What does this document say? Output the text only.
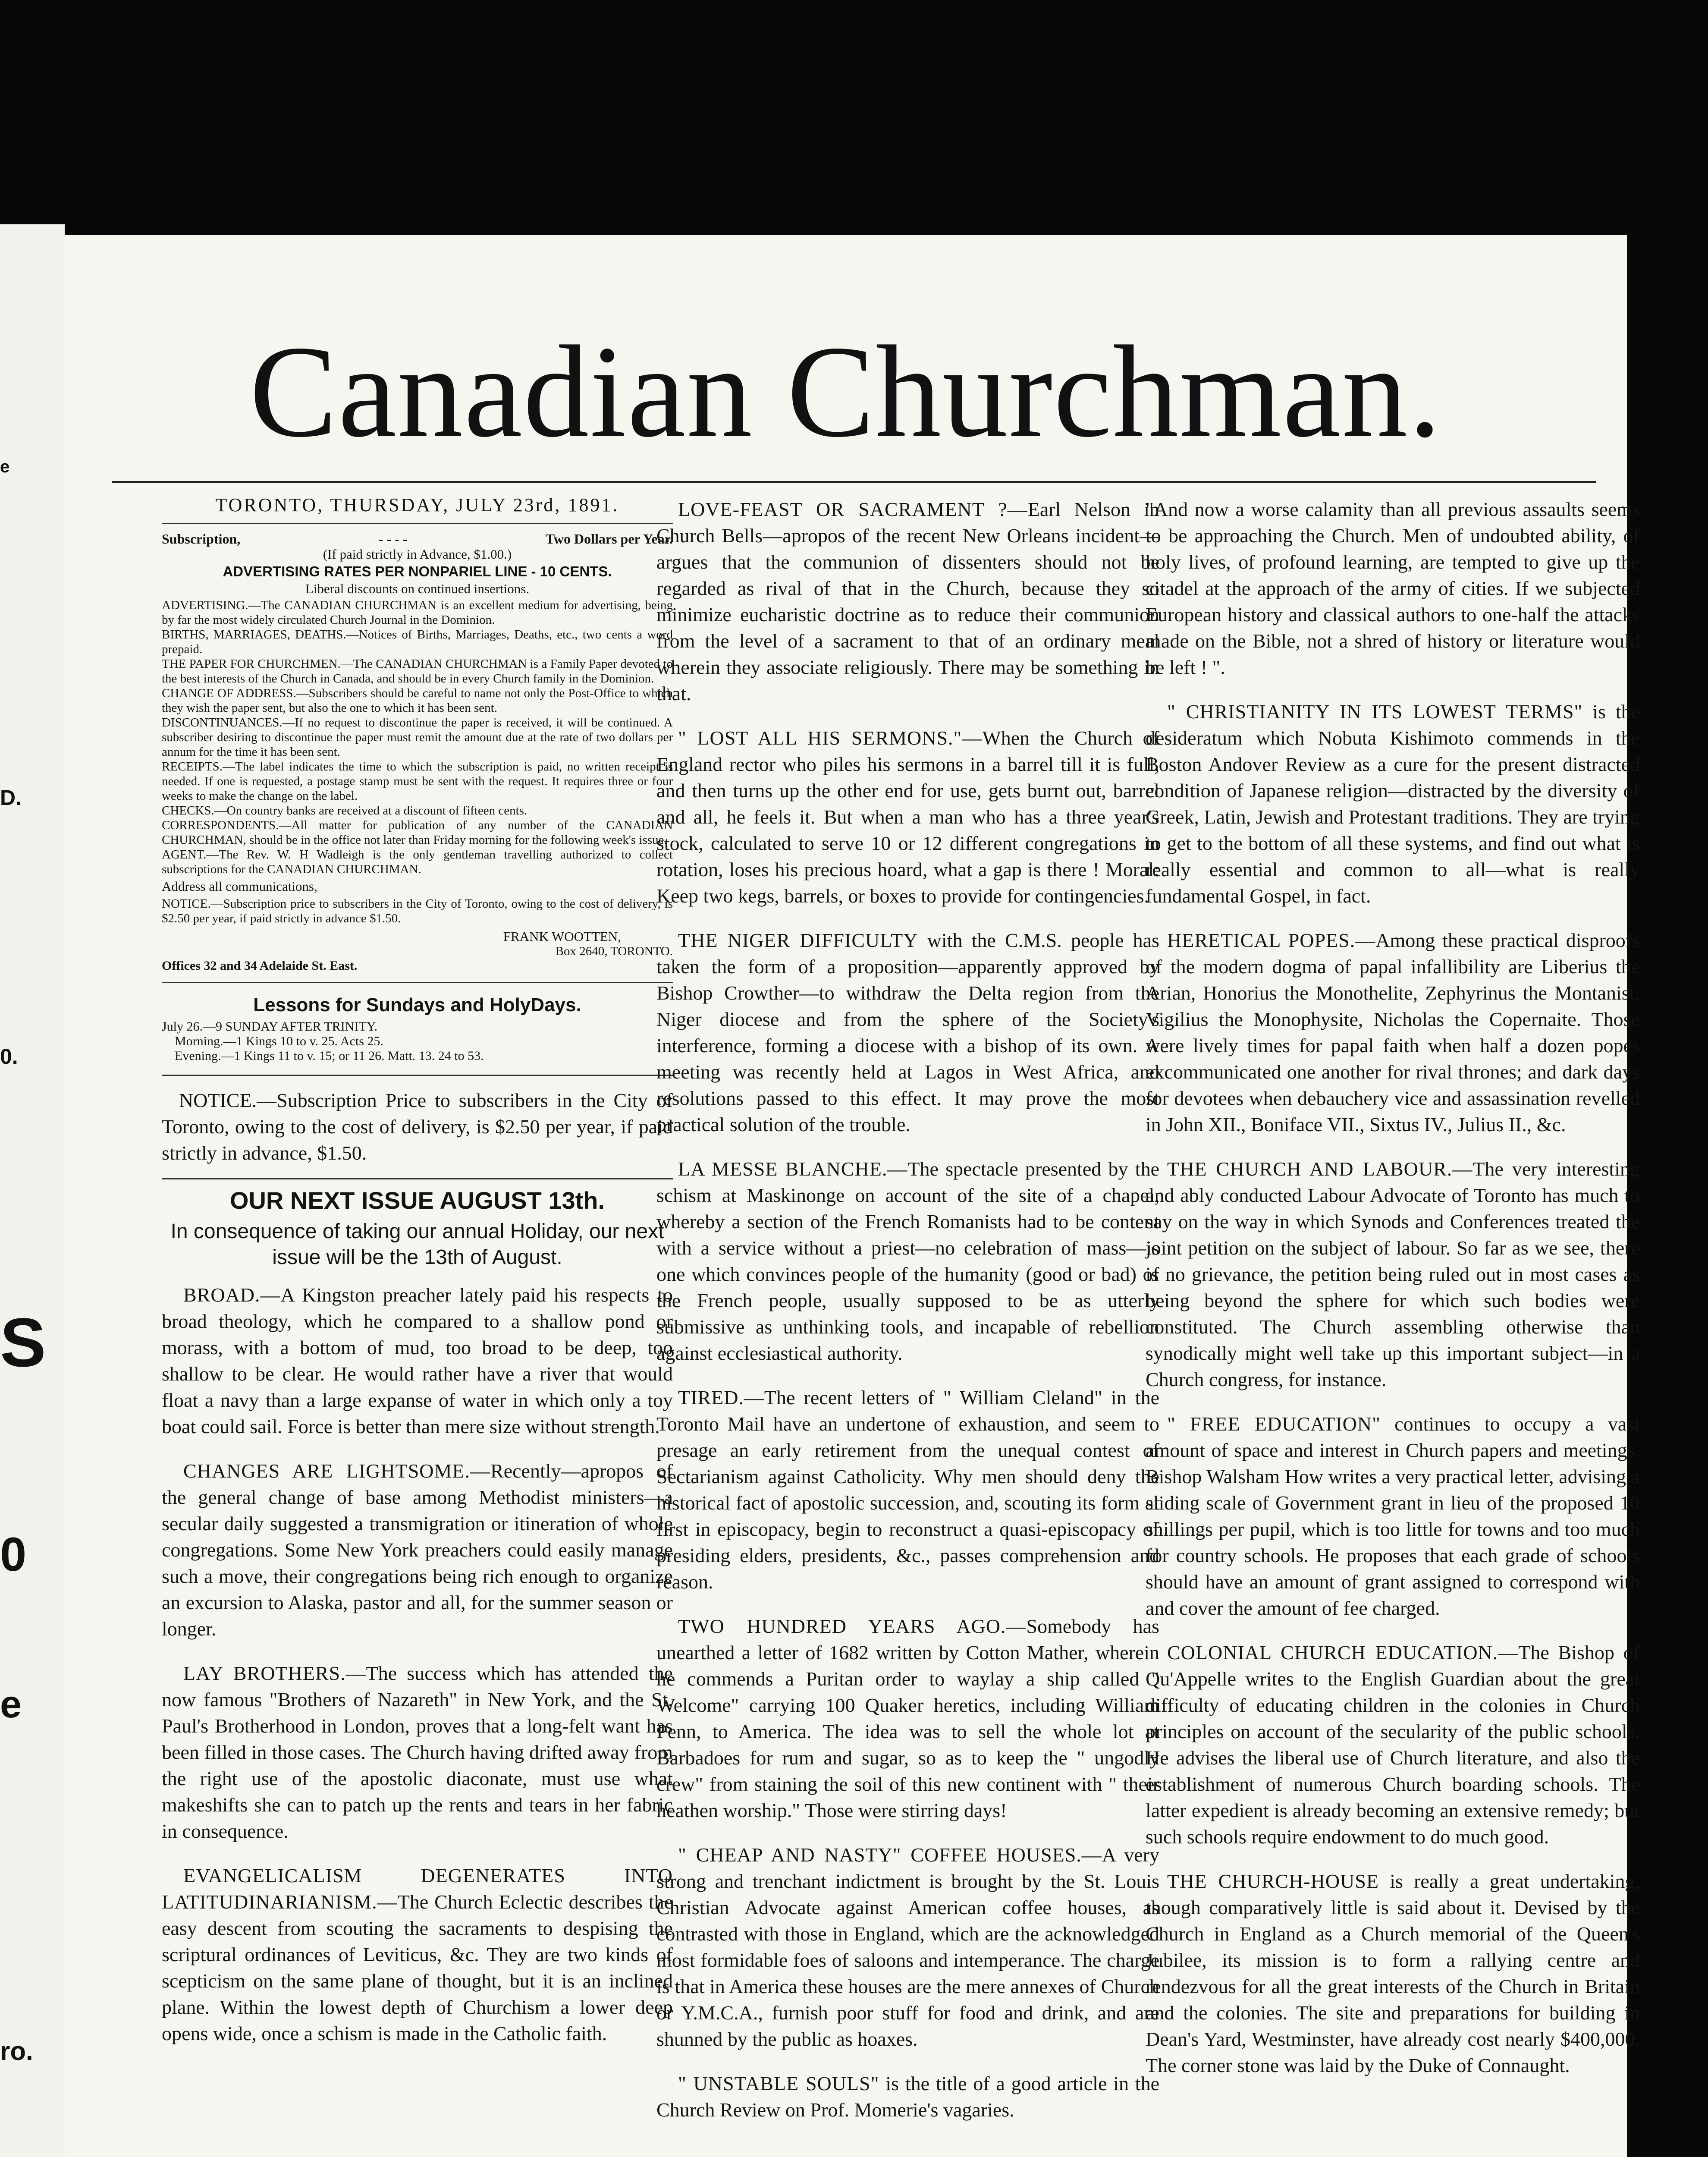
e
D.
0.
S
0
e
ro.
Canadian Churchman.
TORONTO, THURSDAY, JULY 23rd, 1891.
Subscription,	- - - -	Two Dollars per Year.

(If paid strictly in Advance, $1.00.)

ADVERTISING RATES PER NONPARIEL LINE - 10 CENTS.

Liberal discounts on continued insertions.

ADVERTISING.—The CANADIAN CHURCHMAN is an excellent medium for advertising, being by far the most widely circulated Church Journal in the Dominion.

BIRTHS, MARRIAGES, DEATHS.—Notices of Births, Marriages, Deaths, etc., two cents a word prepaid.

THE PAPER FOR CHURCHMEN.—The CANADIAN CHURCHMAN is a Family Paper devoted to the best interests of the Church in Canada, and should be in every Church family in the Dominion.

CHANGE OF ADDRESS.—Subscribers should be careful to name not only the Post-Office to which they wish the paper sent, but also the one to which it has been sent.

DISCONTINUANCES.—If no request to discontinue the paper is received, it will be continued. A subscriber desiring to discontinue the paper must remit the amount due at the rate of two dollars per annum for the time it has been sent.

RECEIPTS.—The label indicates the time to which the subscription is paid, no written receipt is needed. If one is requested, a postage stamp must be sent with the request. It requires three or four weeks to make the change on the label.

CHECKS.—On country banks are received at a discount of fifteen cents.

CORRESPONDENTS.—All matter for publication of any number of the CANADIAN CHURCHMAN, should be in the office not later than Friday morning for the following week's issue.

AGENT.—The Rev. W. H Wadleigh is the only gentleman travelling authorized to collect subscriptions for the CANADIAN CHURCHMAN.

Address all communications,

NOTICE.—Subscription price to subscribers in the City of Toronto, owing to the cost of delivery, is $2.50 per year, if paid strictly in advance $1.50.

FRANK WOOTTEN,

Box 2640, TORONTO.

Offices 32 and 34 Adelaide St. East.

Lessons for Sundays and HolyDays.

July 26.—9 SUNDAY AFTER TRINITY.

Morning.—1 Kings 10 to v. 25. Acts 25.

Evening.—1 Kings 11 to v. 15; or 11 26. Matt. 13. 24 to 53.

NOTICE.—Subscription Price to subscribers in the City of Toronto, owing to the cost of delivery, is $2.50 per year, if paid strictly in advance, $1.50.

OUR NEXT ISSUE AUGUST 13th.
In consequence of taking our annual Holiday, our next issue will be the 13th of August.

BROAD.—A Kingston preacher lately paid his respects to broad theology, which he compared to a shallow pond or morass, with a bottom of mud, too broad to be deep, too shallow to be clear. He would rather have a river that would float a navy than a large expanse of water in which only a toy boat could sail. Force is better than mere size without strength.

CHANGES ARE LIGHTSOME.—Recently—apropos of the general change of base among Methodist ministers—a secular daily suggested a transmigration or itineration of whole congregations. Some New York preachers could easily manage such a move, their congregations being rich enough to organize an excursion to Alaska, pastor and all, for the summer season or longer.

LAY BROTHERS.—The success which has attended the now famous "Brothers of Nazareth" in New York, and the St. Paul's Brotherhood in London, proves that a long-felt want has been filled in those cases. The Church having drifted away from the right use of the apostolic diaconate, must use what makeshifts she can to patch up the rents and tears in her fabric in consequence.

EVANGELICALISM DEGENERATES INTO LATITUDINARIANISM.—The Church Eclectic describes the easy descent from scouting the sacraments to despising the scriptural ordinances of Leviticus, &c. They are two kinds of scepticism on the same plane of thought, but it is an inclined plane. Within the lowest depth of Churchism a lower deep opens wide, once a schism is made in the Catholic faith.

LOVE-FEAST OR SACRAMENT ?—Earl Nelson in Church Bells—apropos of the recent New Orleans incident—argues that the communion of dissenters should not be regarded as rival of that in the Church, because they so minimize eucharistic doctrine as to reduce their communion from the level of a sacrament to that of an ordinary meal wherein they associate religiously. There may be something in that.

" LOST ALL HIS SERMONS."—When the Church of England rector who piles his sermons in a barrel till it is full, and then turns up the other end for use, gets burnt out, barrel and all, he feels it. But when a man who has a three year's stock, calculated to serve 10 or 12 different congregations in rotation, loses his precious hoard, what a gap is there ! Moral: Keep two kegs, barrels, or boxes to provide for contingencies.

THE NIGER DIFFICULTY with the C.M.S. people has taken the form of a proposition—apparently approved by Bishop Crowther—to withdraw the Delta region from the Niger diocese and from the sphere of the Society's interference, forming a diocese with a bishop of its own. A meeting was recently held at Lagos in West Africa, and resolutions passed to this effect. It may prove the most practical solution of the trouble.

LA MESSE BLANCHE.—The spectacle presented by the schism at Maskinonge on account of the site of a chapel, whereby a section of the French Romanists had to be content with a service without a priest—no celebration of mass—is one which convinces people of the humanity (good or bad) of the French people, usually supposed to be as utterly submissive as unthinking tools, and incapable of rebellion against ecclesiastical authority.

TIRED.—The recent letters of " William Cleland" in the Toronto Mail have an undertone of exhaustion, and seem to presage an early retirement from the unequal contest of Sectarianism against Catholicity. Why men should deny the historical fact of apostolic succession, and, scouting its form at first in episcopacy, begin to reconstruct a quasi-episcopacy of presiding elders, presidents, &c., passes comprehension and reason.

TWO HUNDRED YEARS AGO.—Somebody has unearthed a letter of 1682 written by Cotton Mather, wherein he commends a Puritan order to waylay a ship called " Welcome" carrying 100 Quaker heretics, including William Penn, to America. The idea was to sell the whole lot at Barbadoes for rum and sugar, so as to keep the " ungodly crew" from staining the soil of this new continent with " their heathen worship." Those were stirring days!

" CHEAP AND NASTY" COFFEE HOUSES.—A very strong and trenchant indictment is brought by the St. Louis Christian Advocate against American coffee houses, as contrasted with those in England, which are the acknowledged most formidable foes of saloons and intemperance. The charge is that in America these houses are the mere annexes of Church or Y.M.C.A., furnish poor stuff for food and drink, and are shunned by the public as hoaxes.

" UNSTABLE SOULS" is the title of a good article in the Church Review on Prof. Momerie's vagaries.

"And now a worse calamity than all previous assaults seems to be approaching the Church. Men of undoubted ability, of holy lives, of profound learning, are tempted to give up the citadel at the approach of the army of cities. If we subjected European history and classical authors to one-half the attacks made on the Bible, not a shred of history or literature would be left ! ".

" CHRISTIANITY IN ITS LOWEST TERMS" is the desideratum which Nobuta Kishimoto commends in the Boston Andover Review as a cure for the present distracted condition of Japanese religion—distracted by the diversity of Greek, Latin, Jewish and Protestant traditions. They are trying to get to the bottom of all these systems, and find out what is really essential and common to all—what is really fundamental Gospel, in fact.

HERETICAL POPES.—Among these practical disproofs of the modern dogma of papal infallibility are Liberius the Arian, Honorius the Monothelite, Zephyrinus the Montanist, Vigilius the Monophysite, Nicholas the Copernaite. Those were lively times for papal faith when half a dozen popes excommunicated one another for rival thrones; and dark days for devotees when debauchery vice and assassination revelled in John XII., Boniface VII., Sixtus IV., Julius II., &c.

THE CHURCH AND LABOUR.—The very interesting and ably conducted Labour Advocate of Toronto has much to say on the way in which Synods and Conferences treated the joint petition on the subject of labour. So far as we see, there is no grievance, the petition being ruled out in most cases as being beyond the sphere for which such bodies were constituted. The Church assembling otherwise than synodically might well take up this important subject—in a Church congress, for instance.

" FREE EDUCATION" continues to occupy a vast amount of space and interest in Church papers and meetings. Bishop Walsham How writes a very practical letter, advising a sliding scale of Government grant in lieu of the proposed 10 shillings per pupil, which is too little for towns and too much for country schools. He proposes that each grade of schools should have an amount of grant assigned to correspond with and cover the amount of fee charged.

COLONIAL CHURCH EDUCATION.—The Bishop of Qu'Appelle writes to the English Guardian about the great difficulty of educating children in the colonies in Church principles on account of the secularity of the public schools. He advises the liberal use of Church literature, and also the establishment of numerous Church boarding schools. The latter expedient is already becoming an extensive remedy; but such schools require endowment to do much good.

THE CHURCH-HOUSE is really a great undertaking, though comparatively little is said about it. Devised by the Church in England as a Church memorial of the Queen's Jubilee, its mission is to form a rallying centre and rendezvous for all the great interests of the Church in Britain and the colonies. The site and preparations for building in Dean's Yard, Westminster, have already cost nearly $400,000. The corner stone was laid by the Duke of Connaught.
